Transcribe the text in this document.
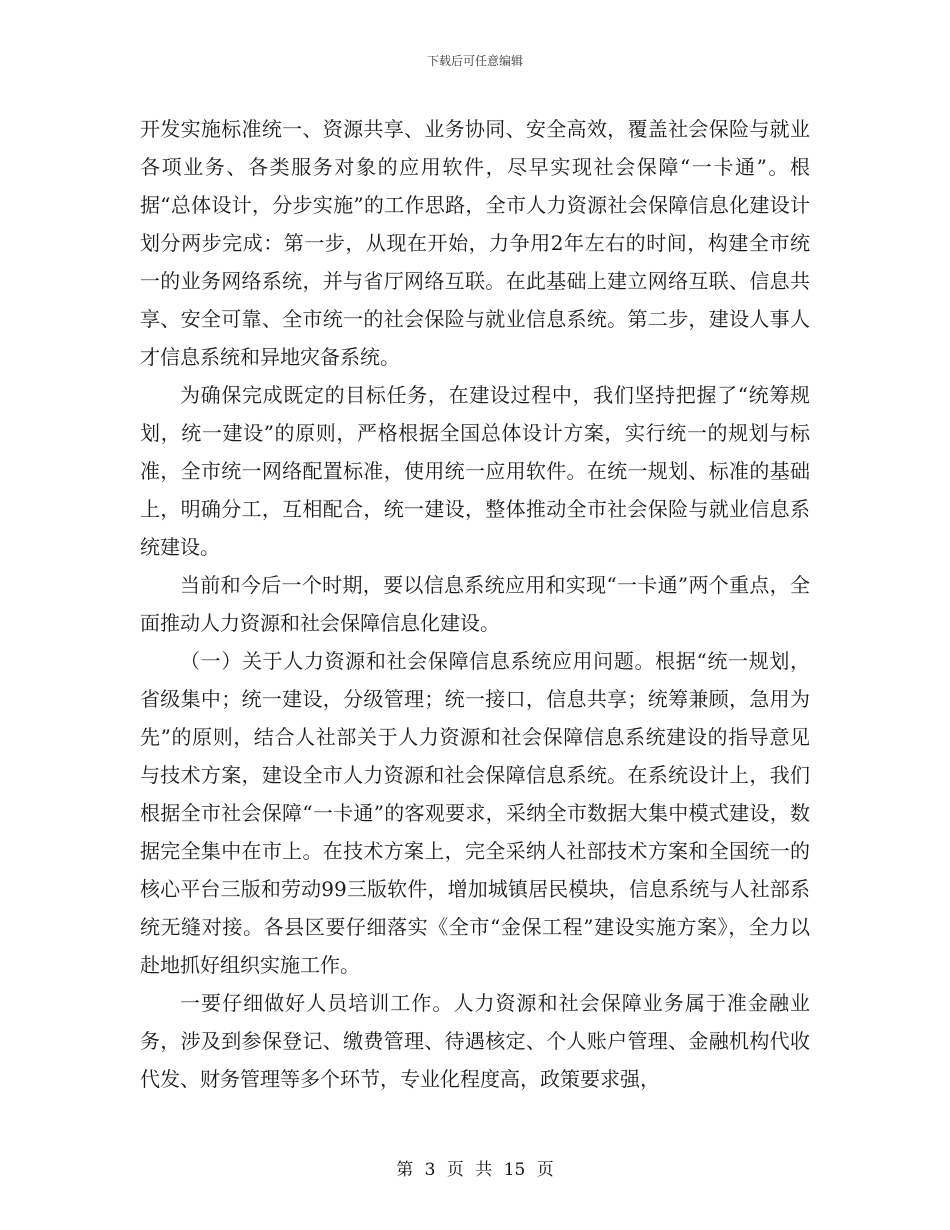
下载后可任意编辑

开发实施标准统一、资源共享、业务协同、安全高效，覆盖社会保险与就业各项业务、各类服务对象的应用软件，尽早实现社会保障“一卡通”。根据“总体设计，分步实施”的工作思路，全市人力资源社会保障信息化建设计划分两步完成：第一步，从现在开始，力争用2年左右的时间，构建全市统一的业务网络系统，并与省厅网络互联。在此基础上建立网络互联、信息共享、安全可靠、全市统一的社会保险与就业信息系统。第二步，建设人事人才信息系统和异地灾备系统。

为确保完成既定的目标任务，在建设过程中，我们坚持把握了“统筹规划，统一建设”的原则，严格根据全国总体设计方案，实行统一的规划与标准，全市统一网络配置标准，使用统一应用软件。在统一规划、标准的基础上，明确分工，互相配合，统一建设，整体推动全市社会保险与就业信息系统建设。

当前和今后一个时期，要以信息系统应用和实现“一卡通”两个重点，全面推动人力资源和社会保障信息化建设。

（一）关于人力资源和社会保障信息系统应用问题。根据“统一规划，省级集中；统一建设，分级管理；统一接口，信息共享；统筹兼顾，急用为先”的原则，结合人社部关于人力资源和社会保障信息系统建设的指导意见与技术方案，建设全市人力资源和社会保障信息系统。在系统设计上，我们根据全市社会保障“一卡通”的客观要求，采纳全市数据大集中模式建设，数据完全集中在市上。在技术方案上，完全采纳人社部技术方案和全国统一的核心平台三版和劳动99三版软件，增加城镇居民模块，信息系统与人社部系统无缝对接。各县区要仔细落实《全市“金保工程”建设实施方案》，全力以赴地抓好组织实施工作。

一要仔细做好人员培训工作。人力资源和社会保障业务属于准金融业务，涉及到参保登记、缴费管理、待遇核定、个人账户管理、金融机构代收代发、财务管理等多个环节，专业化程度高，政策要求强，

第 3 页 共 15 页
